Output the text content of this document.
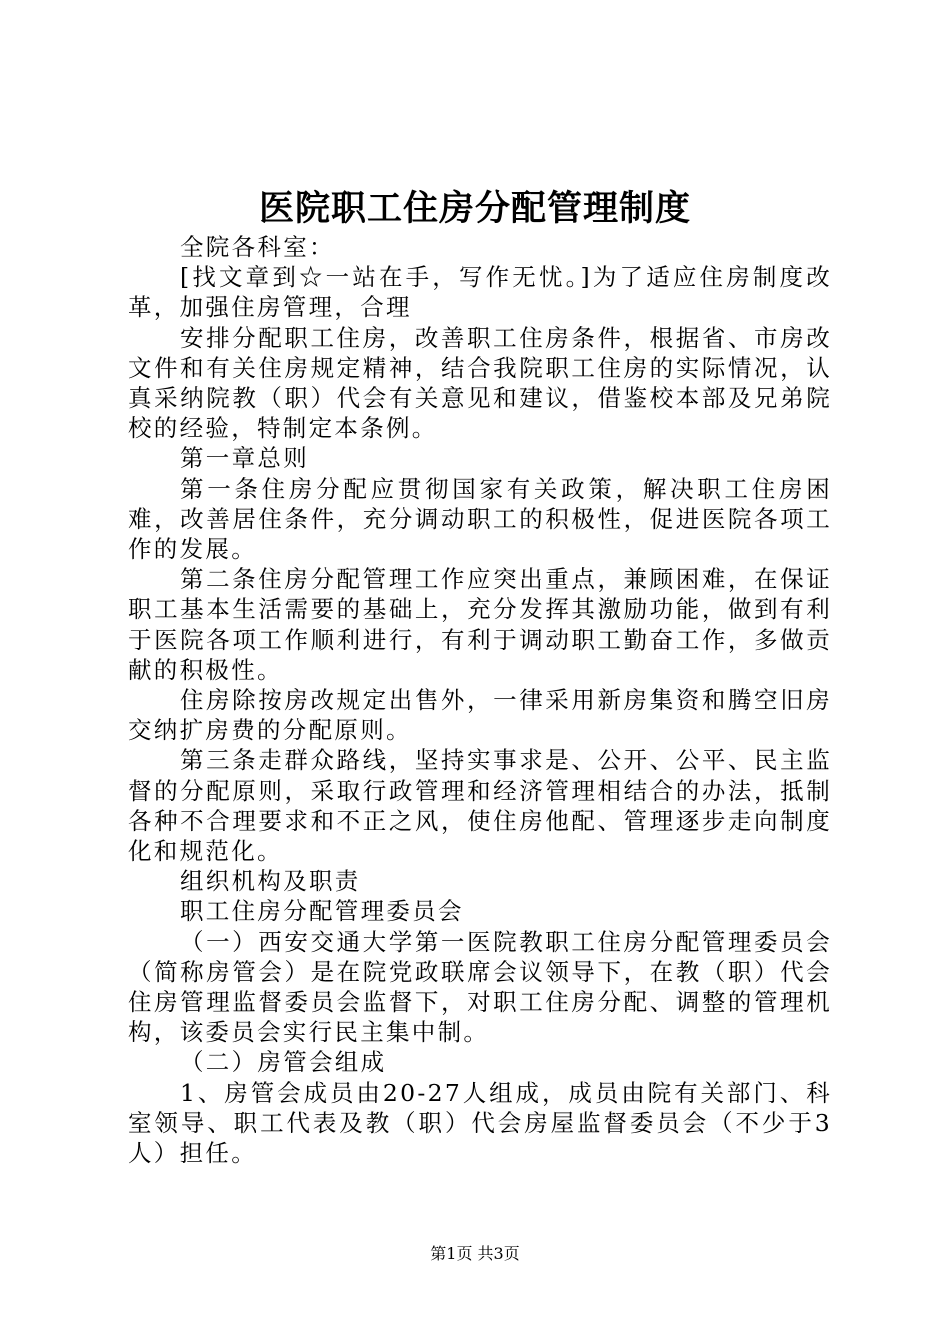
医院职工住房分配管理制度

全院各科室：

[找文章到☆一站在手，写作无忧。]为了适应住房制度改革，加强住房管理，合理

安排分配职工住房，改善职工住房条件，根据省、市房改文件和有关住房规定精神，结合我院职工住房的实际情况，认真采纳院教（职）代会有关意见和建议，借鉴校本部及兄弟院校的经验，特制定本条例。

第一章总则

第一条住房分配应贯彻国家有关政策，解决职工住房困难，改善居住条件，充分调动职工的积极性，促进医院各项工作的发展。

第二条住房分配管理工作应突出重点，兼顾困难，在保证职工基本生活需要的基础上，充分发挥其激励功能，做到有利于医院各项工作顺利进行，有利于调动职工勤奋工作，多做贡献的积极性。

住房除按房改规定出售外，一律采用新房集资和腾空旧房交纳扩房费的分配原则。

第三条走群众路线，坚持实事求是、公开、公平、民主监督的分配原则，采取行政管理和经济管理相结合的办法，抵制各种不合理要求和不正之风，使住房他配、管理逐步走向制度化和规范化。

组织机构及职责

职工住房分配管理委员会

（一）西安交通大学第一医院教职工住房分配管理委员会（简称房管会）是在院党政联席会议领导下，在教（职）代会住房管理监督委员会监督下，对职工住房分配、调整的管理机构，该委员会实行民主集中制。

（二）房管会组成

1、房管会成员由20-27人组成，成员由院有关部门、科室领导、职工代表及教（职）代会房屋监督委员会（不少于3人）担任。

第1页 共3页
